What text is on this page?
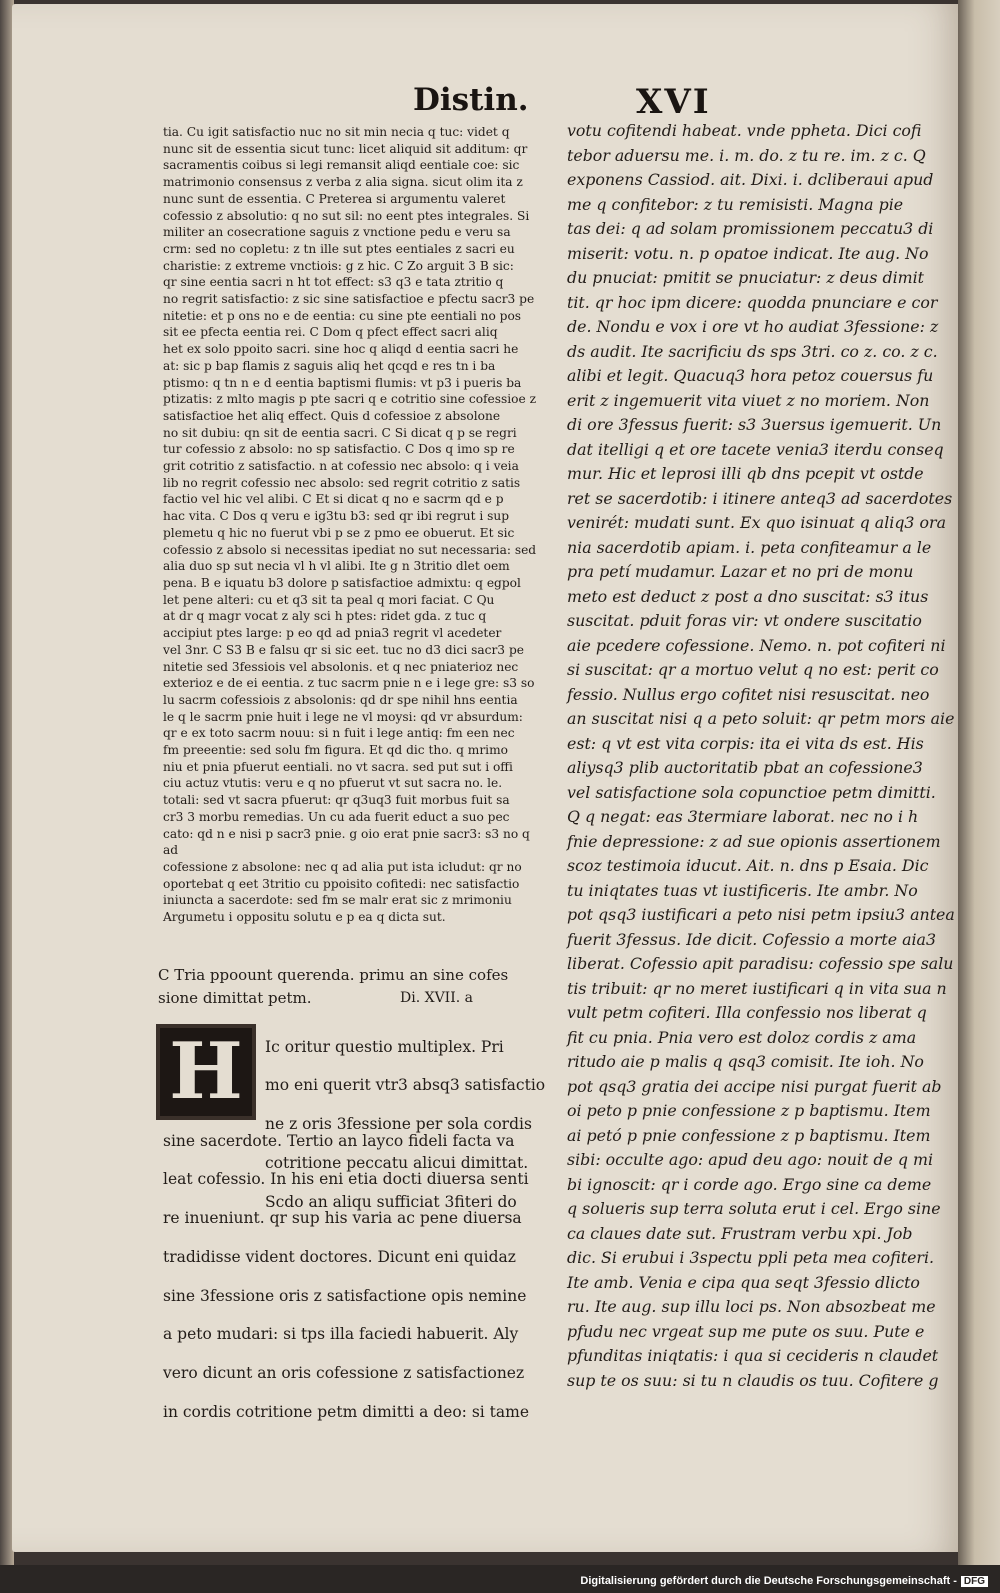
Distin.	XVI

tia. Cu igit satisfactio nuc no sit min necia q tuc: videt q

nunc sit de essentia sicut tunc: licet aliquid sit additum: qr

sacramentis coibus si legi remansit aliqd eentiale coe: sic

matrimonio consensus z verba z alia signa. sicut olim ita z

nunc sunt de essentia. C Preterea si argumentu valeret

cofessio z absolutio: q no sut sil: no eent ptes integrales. Si

militer an cosecratione saguis z vnctione pedu e veru sa

crm: sed no copletu: z tn ille sut ptes eentiales z sacri eu

charistie: z extreme vnctiois: g z hic. C Zo arguit 3 B sic:

qr sine eentia sacri n ht tot effect: s3 q3 e tata ztritio q

no regrit satisfactio: z sic sine satisfactioe e pfectu sacr3 pe

nitetie: et p ons no e de eentia: cu sine pte eentiali no pos

sit ee pfecta eentia rei. C Dom q pfect effect sacri aliq

het ex solo ppoito sacri. sine hoc q aliqd d eentia sacri he

at: sic p bap flamis z saguis aliq het qcqd e res tn i ba

ptismo: q tn n e d eentia baptismi flumis: vt p3 i pueris ba

ptizatis: z mlto magis p pte sacri q e cotritio sine cofessioe z

satisfactioe het aliq effect. Quis d cofessioe z absolone

no sit dubiu: qn sit de eentia sacri. C Si dicat q p se regri

tur cofessio z absolo: no sp satisfactio. C Dos q imo sp re

grit cotritio z satisfactio. n at cofessio nec absolo: q i veia

lib no regrit cofessio nec absolo: sed regrit cotritio z satis

factio vel hic vel alibi. C Et si dicat q no e sacrm qd e p

hac vita. C Dos q veru e ig3tu b3: sed qr ibi regrut i sup

plemetu q hic no fuerut vbi p se z pmo ee obuerut. Et sic

cofessio z absolo si necessitas ipediat no sut necessaria: sed

alia duo sp sut necia vl h vl alibi. Ite g n 3tritio dlet oem

pena. B e iquatu b3 dolore p satisfactioe admixtu: q egpol

let pene alteri: cu et q3 sit ta peal q mori faciat. C Qu

at dr q magr vocat z aly sci h ptes: ridet gda. z tuc q

accipiut ptes large: p eo qd ad pnia3 regrit vl acedeter

vel 3nr. C S3 B e falsu qr si sic eet. tuc no d3 dici sacr3 pe

nitetie sed 3fessiois vel absolonis. et q nec pniaterioz nec

exterioz e de ei eentia. z tuc sacrm pnie n e i lege gre: s3 so

lu sacrm cofessiois z absolonis: qd dr spe nihil hns eentia

le q le sacrm pnie huit i lege ne vl moysi: qd vr absurdum:

qr e ex toto sacrm nouu: si n fuit i lege antiq: fm een nec

fm preeentie: sed solu fm figura. Et qd dic tho. q mrimo

niu et pnia pfuerut eentiali. no vt sacra. sed put sut i offi

ciu actuz vtutis: veru e q no pfuerut vt sut sacra no. le.

totali: sed vt sacra pfuerut: qr q3uq3 fuit morbus fuit sa

cr3 3 morbu remedias. Un cu ada fuerit educt a suo pec

cato: qd n e nisi p sacr3 pnie. g oio erat pnie sacr3: s3 no q ad

cofessione z absolone: nec q ad alia put ista icludut: qr no

oportebat q eet 3tritio cu ppoisito cofitedi: nec satisfactio

iniuncta a sacerdote: sed fm se malr erat sic z mrimoniu

Argumetu i oppositu solutu e p ea q dicta sut.

C Tria ppoount querenda. primu an sine cofes
sione dimittat petm.	Di. XVII. a
H	Ic oritur questio multiplex. Pri

mo eni querit vtr3 absq3 satisfactio

ne z oris 3fessione per sola cordis

cotritione peccatu alicui dimittat.

Scdo an aliqu sufficiat 3fiteri do

sine sacerdote. Tertio an layco fideli facta va

leat cofessio. In his eni etia docti diuersa senti

re inueniunt. qr sup his varia ac pene diuersa

tradidisse vident doctores. Dicunt eni quidaz

sine 3fessione oris z satisfactione opis nemine

a peto mudari: si tps illa faciedi habuerit. Aly

vero dicunt an oris cofessione z satisfactionez

in cordis cotritione petm dimitti a deo: si tame

votu cofitendi habeat. vnde ppheta. Dici cofi

tebor aduersu me. i. m. do. z tu re. im. z c. Q

exponens Cassiod. ait. Dixi. i. dcliberaui apud

me q confitebor: z tu remisisti. Magna pie

tas dei: q ad solam promissionem peccatu3 di

miserit: votu. n. p opatoe indicat. Ite aug. No

du pnuciat: pmitit se pnuciatur: z deus dimit

tit. qr hoc ipm dicere: quodda pnunciare e cor

de. Nondu e vox i ore vt ho audiat 3fessione: z

ds audit. Ite sacrificiu ds sps 3tri. co z. co. z c.

alibi et legit. Quacuq3 hora petoz couersus fu

erit z ingemuerit vita viuet z no morieт. Non

di ore 3fessus fuerit: s3 3uersus igemuerit. Un

dat itelligi q et ore tacete venia3 iterdu conseq

mur. Hic et leprosi illi qb dns pcepit vt ostde

ret se sacerdotib: i itinere anteq3 ad sacerdotes

venirét: mudati sunt. Ex quo isinuat q aliq3 ora

nia sacerdotib apiam. i. peta confiteamur a le

pra petí mudamur. Lazar et no pri de monu

meto est deduct z post a dno suscitat: s3 itus

suscitat. pduit foras vir: vt ondere suscitatio

aie pcedere cofessione. Nemo. n. pot cofiteri ni

si suscitat: qr a mortuo velut q no est: perit co

fessio. Nullus ergo cofitet nisi resuscitat. neo

an suscitat nisi q a peto soluit: qr petm mors aie

est: q vt est vita corpis: ita ei vita ds est. His

aliysq3 plib auctoritatib pbat an cofessione3

vel satisfactione sola copunctioe petm dimitti.

Q q negat: eas 3termiare laborat. nec no i h

fnie depressione: z ad sue opionis assertionem

scoz testimoia iducut. Ait. n. dns p Esaia. Dic

tu iniqtates tuas vt iustificeris. Ite ambr. No

pot qsq3 iustificari a peto nisi petm ipsiu3 antea

fuerit 3fessus. Ide dicit. Cofessio a morte aia3

liberat. Cofessio apit paradisu: cofessio spe salu

tis tribuit: qr no meret iustificari q in vita sua n

vult petm cofiteri. Illa confessio nos liberat q

fit cu pnia. Pnia vero est doloz cordis z ama

ritudo aie p malis q qsq3 comisit. Ite ioh. No

pot qsq3 gratia dei accipe nisi purgat fuerit ab

oi peto p pnie confessione z p baptismu. Item

ai petó p pnie confessione z p baptismu. Item

sibi: occulte ago: apud deu ago: nouit de q mi

bi ignoscit: qr i corde ago. Ergo sine ca deme

q solueris sup terra soluta erut i cel. Ergo sine

ca claues date sut. Frustram verbu xpi. Job

dic. Si erubui i 3spectu ppli peta mea cofiteri.

Ite amb. Venia e cipa qua seqt 3fessio dlicto

ru. Ite aug. sup illu loci ps. Non absozbeat me

pfudu nec vrgeat sup me pute os suu. Pute e

pfunditas iniqtatis: i qua si cecideris n claudet

sup te os suu: si tu n claudis os tuu. Cofitere g

Digitalisierung gefördert durch die Deutsche Forschungsgemeinschaft - DFG
